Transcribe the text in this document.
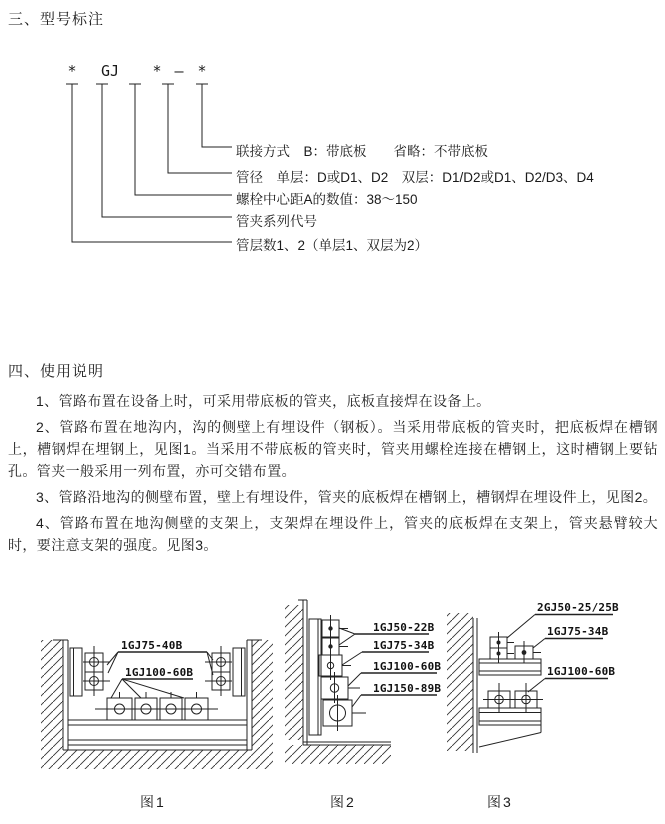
三、型号标注
* GJ * — *
联接方式　B：带底板　　省略：不带底板
管径　单层：D或D1、D2　双层：D1/D2或D1、D2/D3、D4
螺栓中心距A的数值：38～150
管夹系列代号
管层数1、2（单层1、双层为2）
四、使用说明

1、管路布置在设备上时，可采用带底板的管夹，底板直接焊在设备上。

2、管路布置在地沟内，沟的侧壁上有埋设件（钢板）。当采用带底板的管夹时，把底板焊在槽钢上，槽钢焊在埋钢上，见图1。当采用不带底板的管夹时，管夹用螺栓连接在槽钢上，这时槽钢上要钻孔。管夹一般采用一列布置，亦可交错布置。

3、管路沿地沟的侧壁布置，壁上有埋设件，管夹的底板焊在槽钢上，槽钢焊在埋设件上，见图2。

4、管路布置在地沟侧壁的支架上，支架焊在埋设件上，管夹的底板焊在支架上，管夹悬臂较大时，要注意支架的强度。见图3。

1GJ75-40B
1GJ100-60B
1GJ50-22B
1GJ75-34B
1GJ100-60B
1GJ150-89B
2GJ50-25/25B
1GJ75-34B
1GJ100-60B
图1	图2	图3
